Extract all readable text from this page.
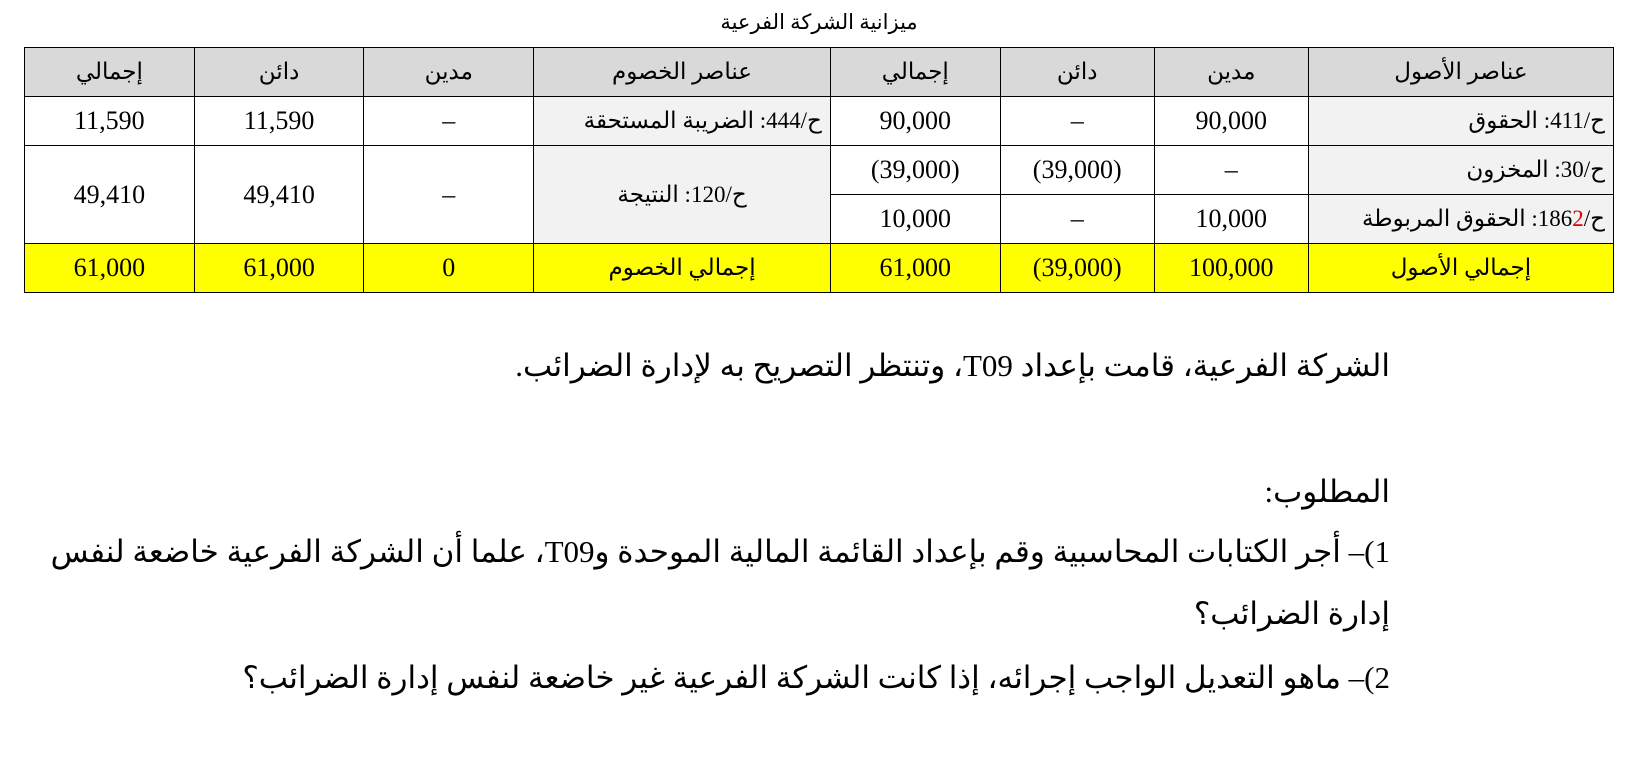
ميزانية الشركة الفرعية
إجمالي	دائن	مدين	عناصر الخصوم	إجمالي	دائن	مدين	عناصر الأصول
11,590	11,590	–	ح/444: الضريبة المستحقة	90,000	–	90,000	ح/411: الحقوق
49,410	49,410	–	ح/120: النتيجة	(39,000)	(39,000)	–	ح/30: المخزون
				10,000	–	10,000	ح/1862: الحقوق المربوطة
61,000	61,000	0	إجمالي الخصوم	61,000	(39,000)	100,000	إجمالي الأصول
الشركة الفرعية، قامت بإعداد T09، وتنتظر التصريح به لإدارة الضرائب.
المطلوب:
1)– أجر الكتابات المحاسبية وقم بإعداد القائمة المالية الموحدة وT09، علما أن الشركة الفرعية خاضعة لنفس
إدارة الضرائب؟
2)– ماهو التعديل الواجب إجرائه، إذا كانت الشركة الفرعية غير خاضعة لنفس إدارة الضرائب؟
